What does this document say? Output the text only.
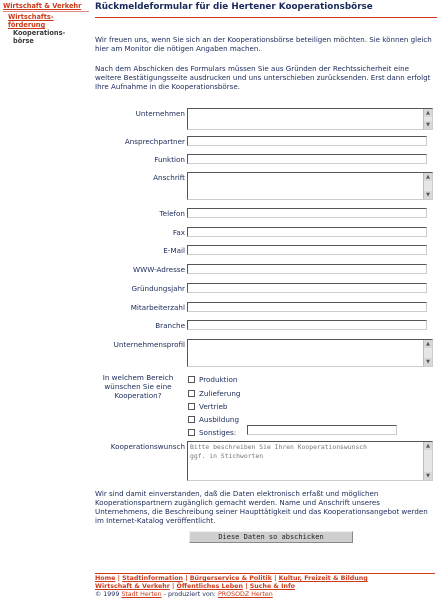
Wirtschaft & Verkehr
Wirtschafts-
förderung
Kooperations-
börse
Rückmeldeformular für die Hertener Kooperationsbörse
Wir freuen uns, wenn Sie sich an der Kooperationsbörse beteiligen möchten. Sie können gleich hier am Monitor die nötigen Angaben machen.
Nach dem Abschicken des Formulars müssen Sie aus Gründen der Rechtssicherheit eine weitere Bestätigungsseite ausdrucken und uns unterschieben zurücksenden. Erst dann erfolgt Ihre Aufnahme in die Kooperationsbörse.
Unternehmen	▲
▼
Ansprechpartner
Funktion
Anschrift	▲
▼
Telefon
Fax
E-Mail
WWW-Adresse
Gründungsjahr
Mitarbeiterzahl
Branche
Unternehmensprofil	▲
▼
In welchem Bereich wünschen Sie eine Kooperation?
Produktion
Zulieferung
Vertrieb
Ausbildung
Sonstiges:
Kooperationswunsch Bitte beschreiben Sie Ihren Kooperationswunsch
ggf. in Stichworten
▲
▼
Wir sind damit einverstanden, daß die Daten elektronisch erfaßt und möglichen Kooperationspartnern zugänglich gemacht werden. Name und Anschrift unseres Unternehmens, die Beschreibung seiner Haupttätigkeit und das Kooperationsangebot werden im Internet-Katalog veröffentlicht.
Diese Daten so abschicken
Home | Stadtinformation | Bürgerservice & Politik | Kultur, Freizeit & Bildung
Wirtschaft & Verkehr | Öffentliches Leben | Suche & Info
© 1999 Stadt Herten - produziert von: PROSODZ Herten
